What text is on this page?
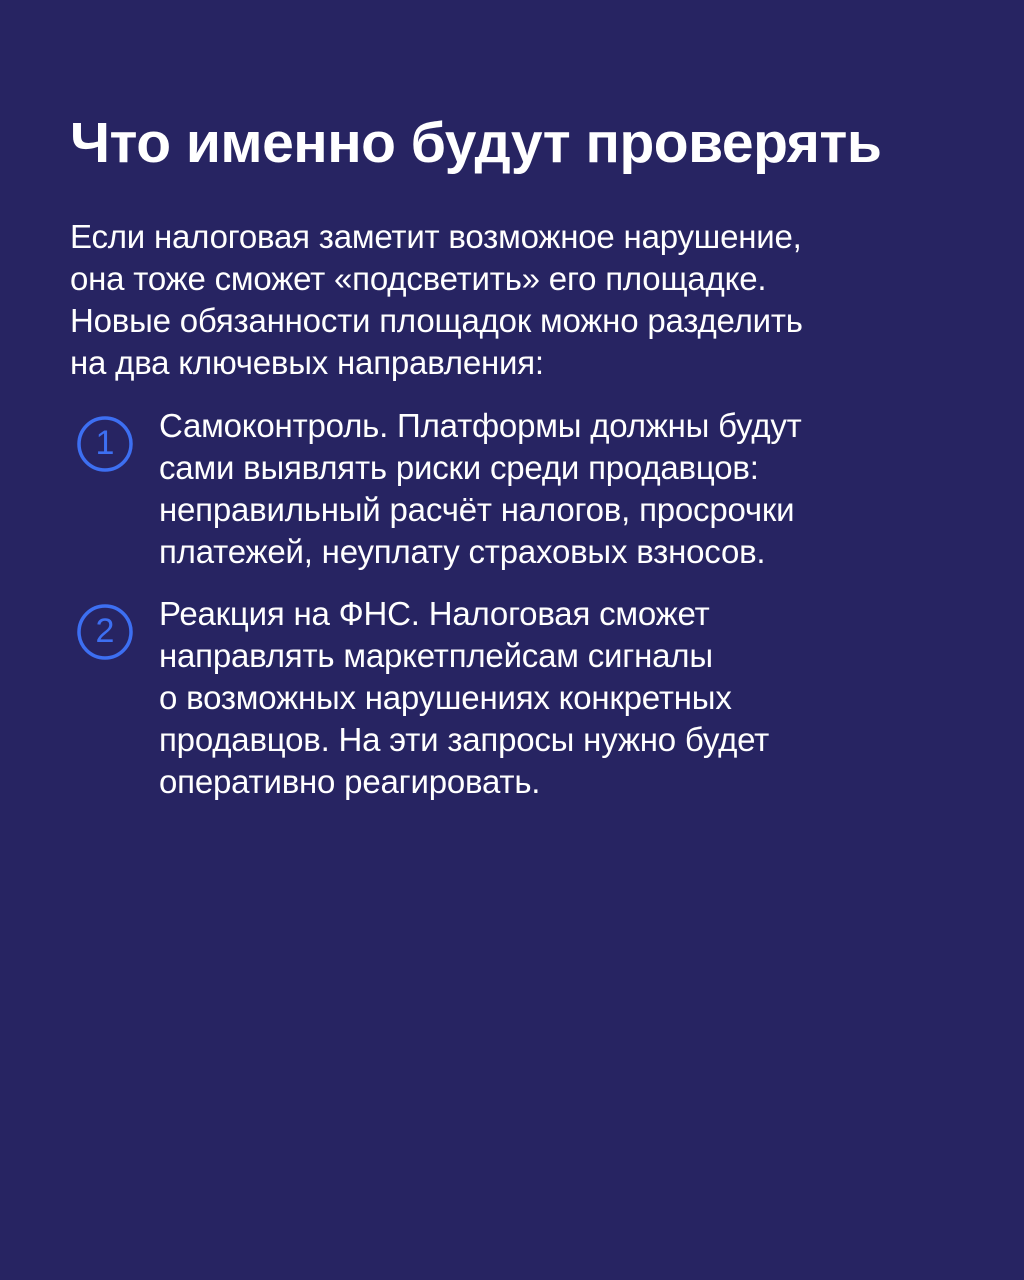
Что именно будут проверять

Если налоговая заметит возможное нарушение,
она тоже сможет «подсветить» его площадке.
Новые обязанности площадок можно разделить
на два ключевых направления:

1 Самоконтроль. Платформы должны будут
сами выявлять риски среди продавцов:
неправильный расчёт налогов, просрочки
платежей, неуплату страховых взносов.

2 Реакция на ФНС. Налоговая сможет
направлять маркетплейсам сигналы
о возможных нарушениях конкретных
продавцов. На эти запросы нужно будет
оперативно реагировать.
